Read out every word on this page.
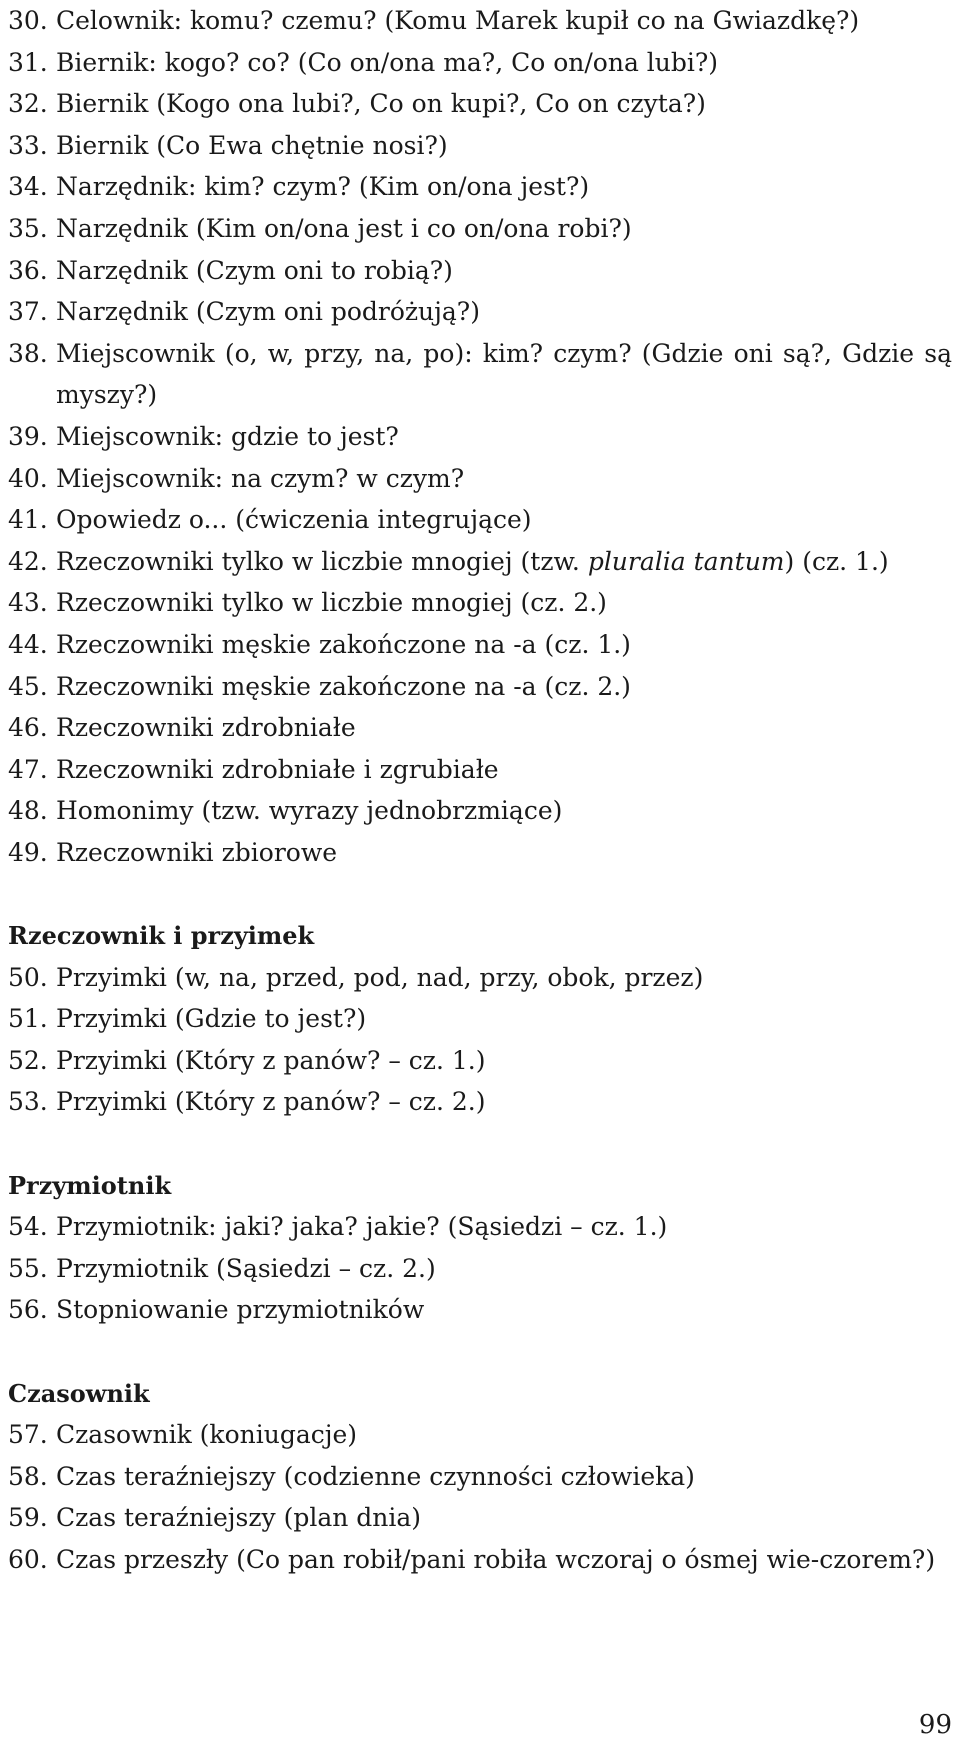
30. Celownik: komu? czemu? (Komu Marek kupił co na Gwiazdkę?)
31. Biernik: kogo? co? (Co on/ona ma?, Co on/ona lubi?)
32. Biernik (Kogo ona lubi?, Co on kupi?, Co on czyta?)
33. Biernik (Co Ewa chętnie nosi?)
34. Narzędnik: kim? czym? (Kim on/ona jest?)
35. Narzędnik (Kim on/ona jest i co on/ona robi?)
36. Narzędnik (Czym oni to robią?)
37. Narzędnik (Czym oni podróżują?)
38. Miejscownik (o, w, przy, na, po): kim? czym? (Gdzie oni są?, Gdzie są myszy?)
39. Miejscownik: gdzie to jest?
40. Miejscownik: na czym? w czym?
41. Opowiedz o... (ćwiczenia integrujące)
42. Rzeczowniki tylko w liczbie mnogiej (tzw. pluralia tantum) (cz. 1.)
43. Rzeczowniki tylko w liczbie mnogiej (cz. 2.)
44. Rzeczowniki męskie zakończone na -a (cz. 1.)
45. Rzeczowniki męskie zakończone na -a (cz. 2.)
46. Rzeczowniki zdrobniałe
47. Rzeczowniki zdrobniałe i zgrubiałe
48. Homonimy (tzw. wyrazy jednobrzmiące)
49. Rzeczowniki zbiorowe
Rzeczownik i przyimek
50. Przyimki (w, na, przed, pod, nad, przy, obok, przez)
51. Przyimki (Gdzie to jest?)
52. Przyimki (Który z panów? – cz. 1.)
53. Przyimki (Który z panów? – cz. 2.)
Przymiotnik
54. Przymiotnik: jaki? jaka? jakie? (Sąsiedzi – cz. 1.)
55. Przymiotnik (Sąsiedzi – cz. 2.)
56. Stopniowanie przymiotników
Czasownik
57. Czasownik (koniugacje)
58. Czas teraźniejszy (codzienne czynności człowieka)
59. Czas teraźniejszy (plan dnia)
60. Czas przeszły (Co pan robił/pani robiła wczoraj o ósmej wie-czorem?)
99
